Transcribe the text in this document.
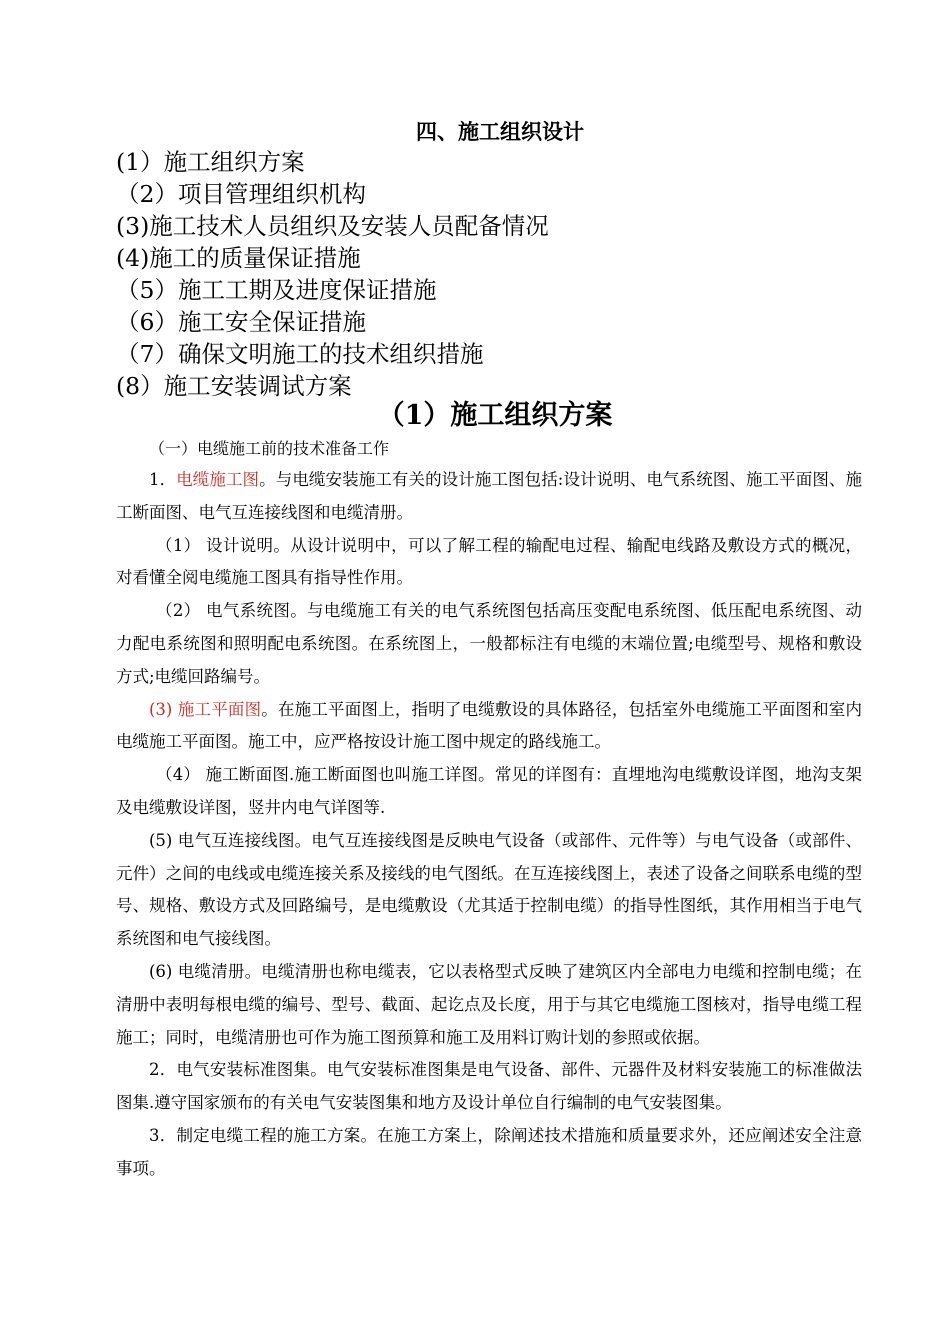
四、施工组织设计
(1）施工组织方案
（2）项目管理组织机构
(3)施工技术人员组织及安装人员配备情况
(4)施工的质量保证措施
（5）施工工期及进度保证措施
（6）施工安全保证措施
（7）确保文明施工的技术组织措施
(8）施工安装调试方案
（1）施工组织方案

（一）电缆施工前的技术准备工作

1．电缆施工图。与电缆安装施工有关的设计施工图包括:设计说明、电气系统图、施工平面图、施工断面图、电气互连接线图和电缆清册。

（1） 设计说明。从设计说明中，可以了解工程的输配电过程、输配电线路及敷设方式的概况，对看懂全阅电缆施工图具有指导性作用。

（2） 电气系统图。与电缆施工有关的电气系统图包括高压变配电系统图、低压配电系统图、动力配电系统图和照明配电系统图。在系统图上，一般都标注有电缆的末端位置;电缆型号、规格和敷设方式;电缆回路编号。

(3) 施工平面图。在施工平面图上，指明了电缆敷设的具体路径，包括室外电缆施工平面图和室内电缆施工平面图。施工中，应严格按设计施工图中规定的路线施工。

（4） 施工断面图.施工断面图也叫施工详图。常见的详图有：直埋地沟电缆敷设详图，地沟支架及电缆敷设详图，竖井内电气详图等.

(5) 电气互连接线图。电气互连接线图是反映电气设备（或部件、元件等）与电气设备（或部件、元件）之间的电线或电缆连接关系及接线的电气图纸。在互连接线图上，表述了设备之间联系电缆的型号、规格、敷设方式及回路编号，是电缆敷设（尤其适于控制电缆）的指导性图纸，其作用相当于电气系统图和电气接线图。

(6) 电缆清册。电缆清册也称电缆表，它以表格型式反映了建筑区内全部电力电缆和控制电缆；在清册中表明每根电缆的编号、型号、截面、起讫点及长度，用于与其它电缆施工图核对，指导电缆工程施工；同时，电缆清册也可作为施工图预算和施工及用料订购计划的参照或依据。

2．电气安装标准图集。电气安装标准图集是电气设备、部件、元器件及材料安装施工的标准做法图集.遵守国家颁布的有关电气安装图集和地方及设计单位自行编制的电气安装图集。

3．制定电缆工程的施工方案。在施工方案上，除阐述技术措施和质量要求外，还应阐述安全注意事项。
